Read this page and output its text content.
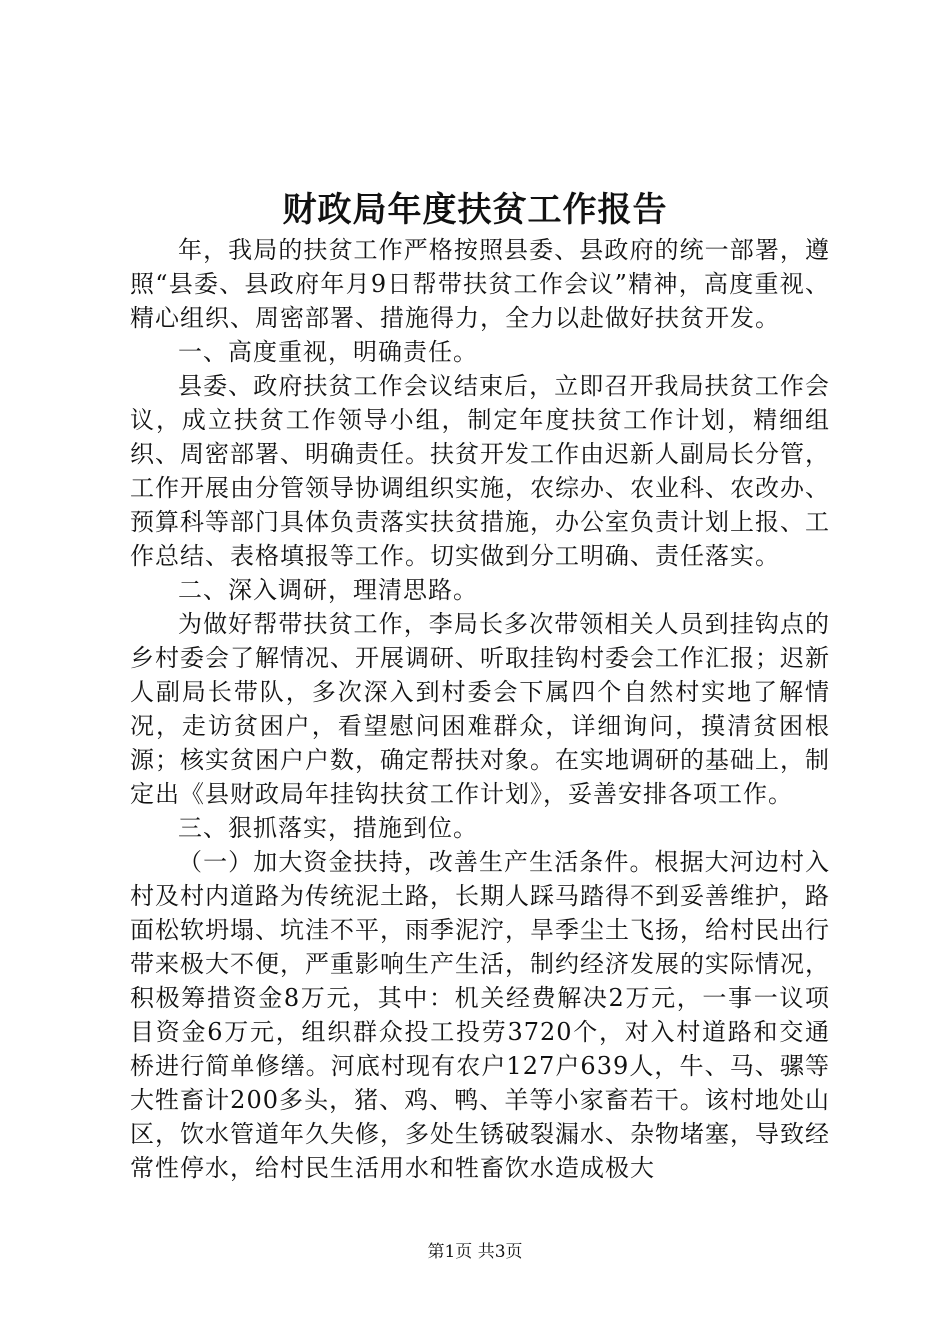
财政局年度扶贫工作报告

年，我局的扶贫工作严格按照县委、县政府的统一部署，遵照“县委、县政府年月9日帮带扶贫工作会议”精神，高度重视、精心组织、周密部署、措施得力，全力以赴做好扶贫开发。

一、高度重视，明确责任。

县委、政府扶贫工作会议结束后，立即召开我局扶贫工作会议，成立扶贫工作领导小组，制定年度扶贫工作计划，精细组织、周密部署、明确责任。扶贫开发工作由迟新人副局长分管，工作开展由分管领导协调组织实施，农综办、农业科、农改办、预算科等部门具体负责落实扶贫措施，办公室负责计划上报、工作总结、表格填报等工作。切实做到分工明确、责任落实。

二、深入调研，理清思路。

为做好帮带扶贫工作，李局长多次带领相关人员到挂钩点的乡村委会了解情况、开展调研、听取挂钩村委会工作汇报；迟新人副局长带队，多次深入到村委会下属四个自然村实地了解情况，走访贫困户，看望慰问困难群众，详细询问，摸清贫困根源；核实贫困户户数，确定帮扶对象。在实地调研的基础上，制定出《县财政局年挂钩扶贫工作计划》，妥善安排各项工作。

三、狠抓落实，措施到位。

（一）加大资金扶持，改善生产生活条件。根据大河边村入村及村内道路为传统泥土路，长期人踩马踏得不到妥善维护，路面松软坍塌、坑洼不平，雨季泥泞，旱季尘土飞扬，给村民出行带来极大不便，严重影响生产生活，制约经济发展的实际情况，积极筹措资金8万元，其中：机关经费解决2万元，一事一议项目资金6万元，组织群众投工投劳3720个，对入村道路和交通桥进行简单修缮。河底村现有农户127户639人，牛、马、骡等大牲畜计200多头，猪、鸡、鸭、羊等小家畜若干。该村地处山区，饮水管道年久失修，多处生锈破裂漏水、杂物堵塞，导致经常性停水，给村民生活用水和牲畜饮水造成极大

第1页 共3页
